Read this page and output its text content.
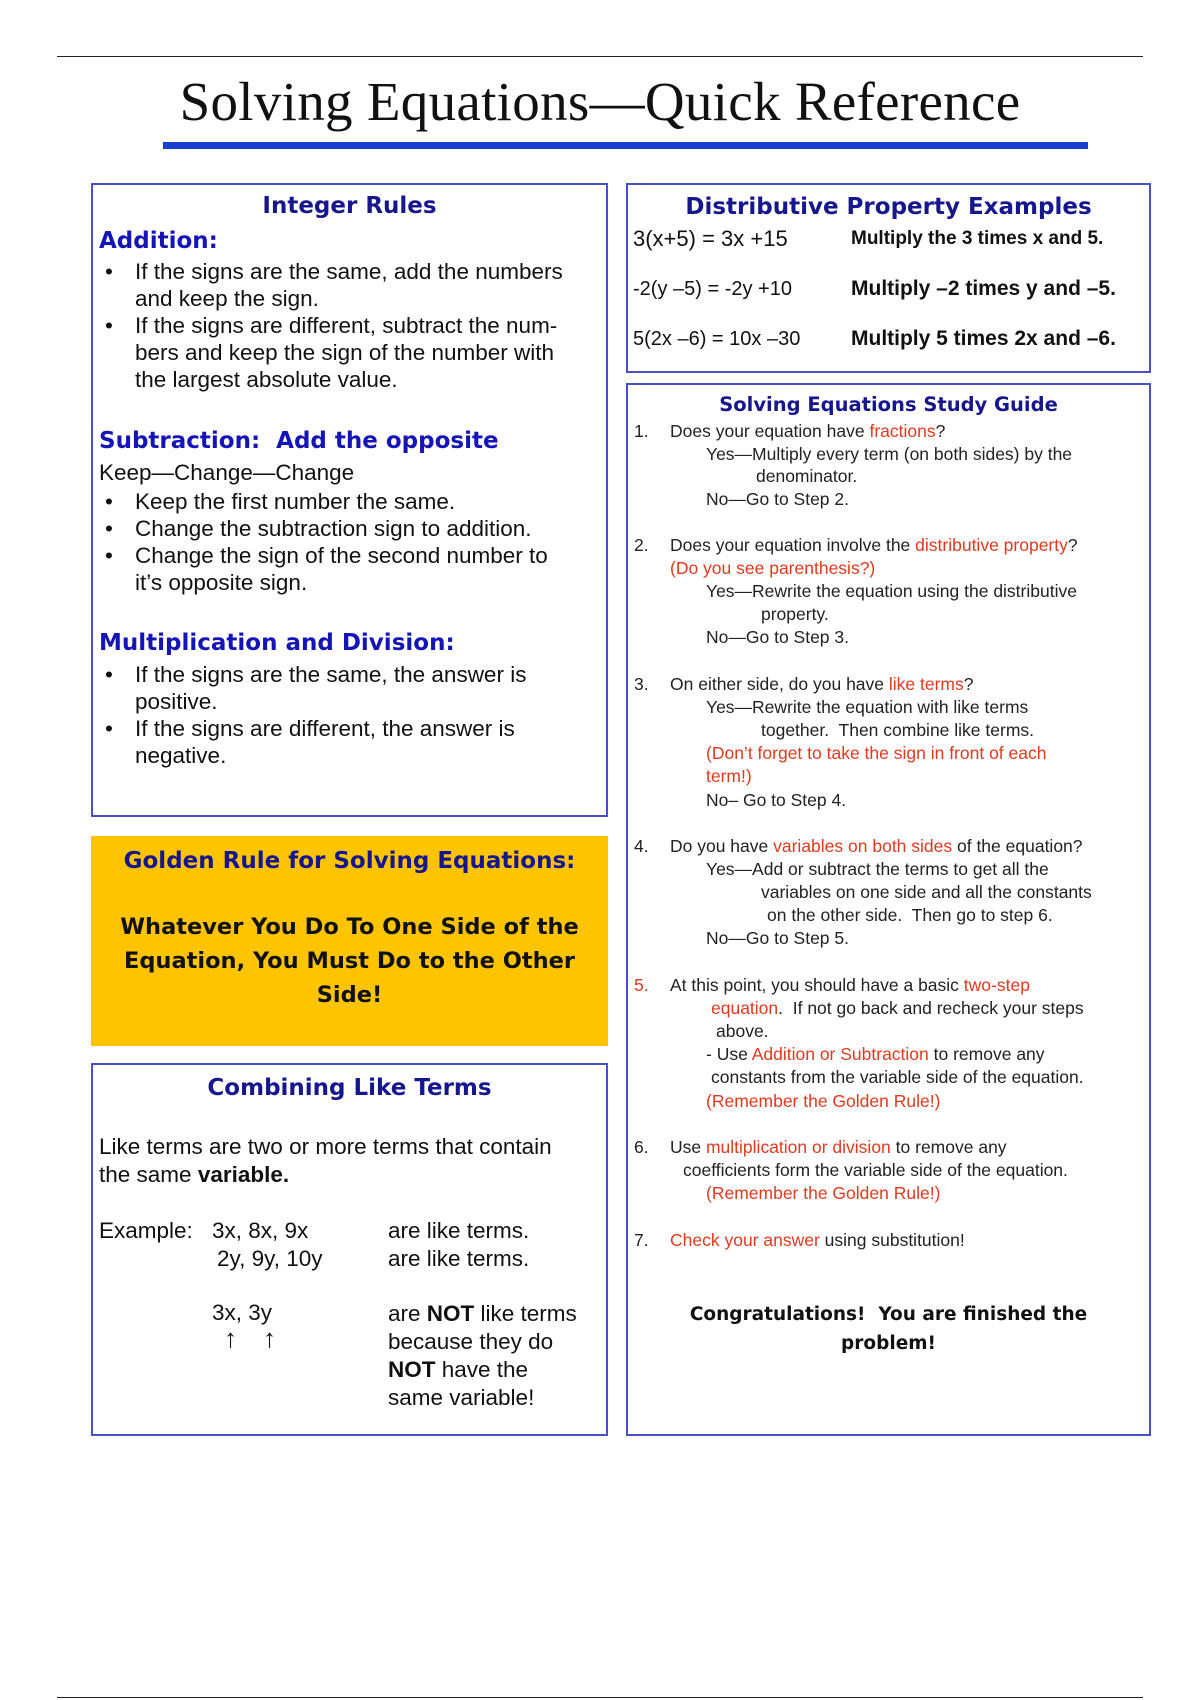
Solving Equations—Quick Reference
Integer Rules
Addition:
• If the signs are the same, add the numbers
and keep the sign.
• If the signs are different, subtract the num-
bers and keep the sign of the number with
the largest absolute value.
Subtraction:  Add the opposite
Keep—Change—Change
• Keep the first number the same.
• Change the subtraction sign to addition.
• Change the sign of the second number to
it’s opposite sign.
Multiplication and Division:
• If the signs are the same, the answer is
positive.
• If the signs are different, the answer is
negative.
Golden Rule for Solving Equations:
Whatever You Do To One Side of the
Equation, You Must Do to the Other
Side!
Combining Like Terms
Like terms are two or more terms that contain
the same variable.
Example: 3x, 8x, 9x	are like terms.
2y, 9y, 10y	are like terms.
3x, 3y
↑ ↑
are NOT like terms
because they do
NOT have the
same variable!
Distributive Property Examples
3(x+5) = 3x +15	Multiply the 3 times x and 5.
-2(y –5) = -2y +10	Multiply –2 times y and –5.
5(2x –6) = 10x –30 Multiply 5 times 2x and –6.
Solving Equations Study Guide
1. Does your equation have fractions?
Yes—Multiply every term (on both sides) by the
denominator.
No—Go to Step 2.
2. Does your equation involve the distributive property?
(Do you see parenthesis?)
Yes—Rewrite the equation using the distributive
property.
No—Go to Step 3.
3. On either side, do you have like terms?
Yes—Rewrite the equation with like terms
together.  Then combine like terms.
(Don’t forget to take the sign in front of each
term!)
No– Go to Step 4.
4. Do you have variables on both sides of the equation?
Yes—Add or subtract the terms to get all the
variables on one side and all the constants
on the other side.  Then go to step 6.
No—Go to Step 5.
5. At this point, you should have a basic two-step
equation.  If not go back and recheck your steps
above.
- Use Addition or Subtraction to remove any
constants from the variable side of the equation.
(Remember the Golden Rule!)
6. Use multiplication or division to remove any
coefficients form the variable side of the equation.
(Remember the Golden Rule!)
7. Check your answer using substitution!
Congratulations!  You are finished the
problem!
